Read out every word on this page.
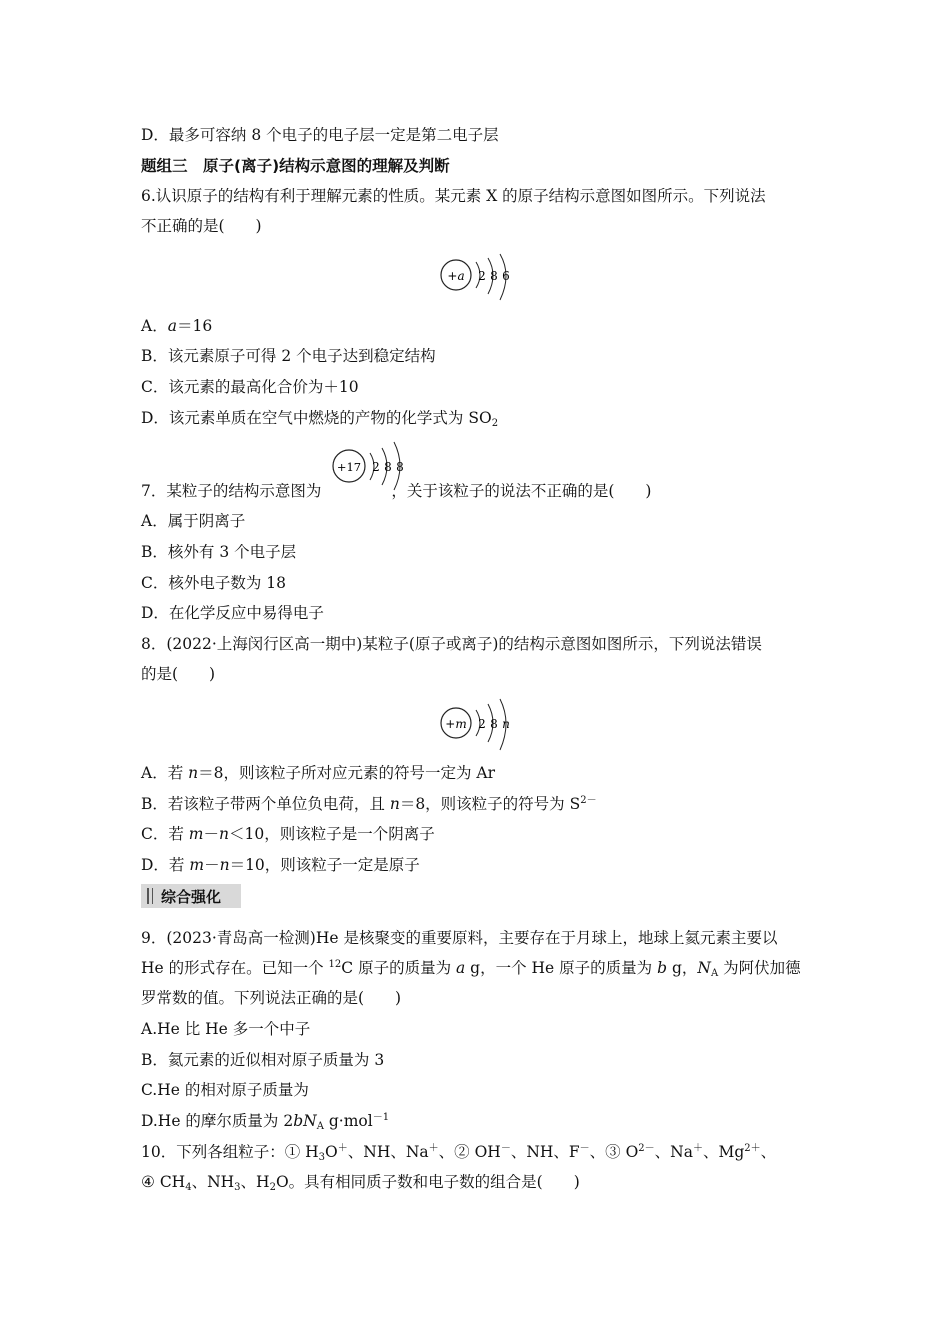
D．最多可容纳 8 个电子的电子层一定是第二电子层
题组三　原子(离子)结构示意图的理解及判断
6.认识原子的结构有利于理解元素的性质。某元素 X 的原子结构示意图如图所示。下列说法
不正确的是(　　)
+a 2 8 6
A．a＝16
B．该元素原子可得 2 个电子达到稳定结构
C．该元素的最高化合价为＋10
D．该元素单质在空气中燃烧的产物的化学式为 $SO_2$
+17 2 8 8
7．某粒子的结构示意图为	，关于该粒子的说法不正确的是(　　)
A．属于阴离子
B．核外有 3 个电子层
C．核外电子数为 18
D．在化学反应中易得电子
8．(2022·上海闵行区高一期中)某粒子(原子或离子)的结构示意图如图所示，下列说法错误
的是(　　)
+m 2 8 n
A．若 n＝8，则该粒子所对应元素的符号一定为 Ar
B．若该粒子带两个单位负电荷，且 n＝8，则该粒子的符号为 $S^{2-}$
C．若 m－n＜10，则该粒子是一个阴离子
D．若 m－n＝10，则该粒子一定是原子
综合强化
9．(2023·青岛高一检测)He 是核聚变的重要原料，主要存在于月球上，地球上氦元素主要以
He 的形式存在。已知一个 $^{12}$C 原子的质量为 a g，一个 He 原子的质量为 b g，$N_A$ 为阿伏加德
罗常数的值。下列说法正确的是(　　)
A.He 比 He 多一个中子
B．氦元素的近似相对原子质量为 3
C.He 的相对原子质量为
D.He 的摩尔质量为 $2bN_A$ g·mol$^{-1}$
10．下列各组粒子：① $H_3O^+$、NH、Na＋、② OH－、NH、F－、③ $O^{2-}$、Na＋、$Mg^{2+}$、
④ $CH_4$、$NH_3$、$H_2O$。具有相同质子数和电子数的组合是(　　)
